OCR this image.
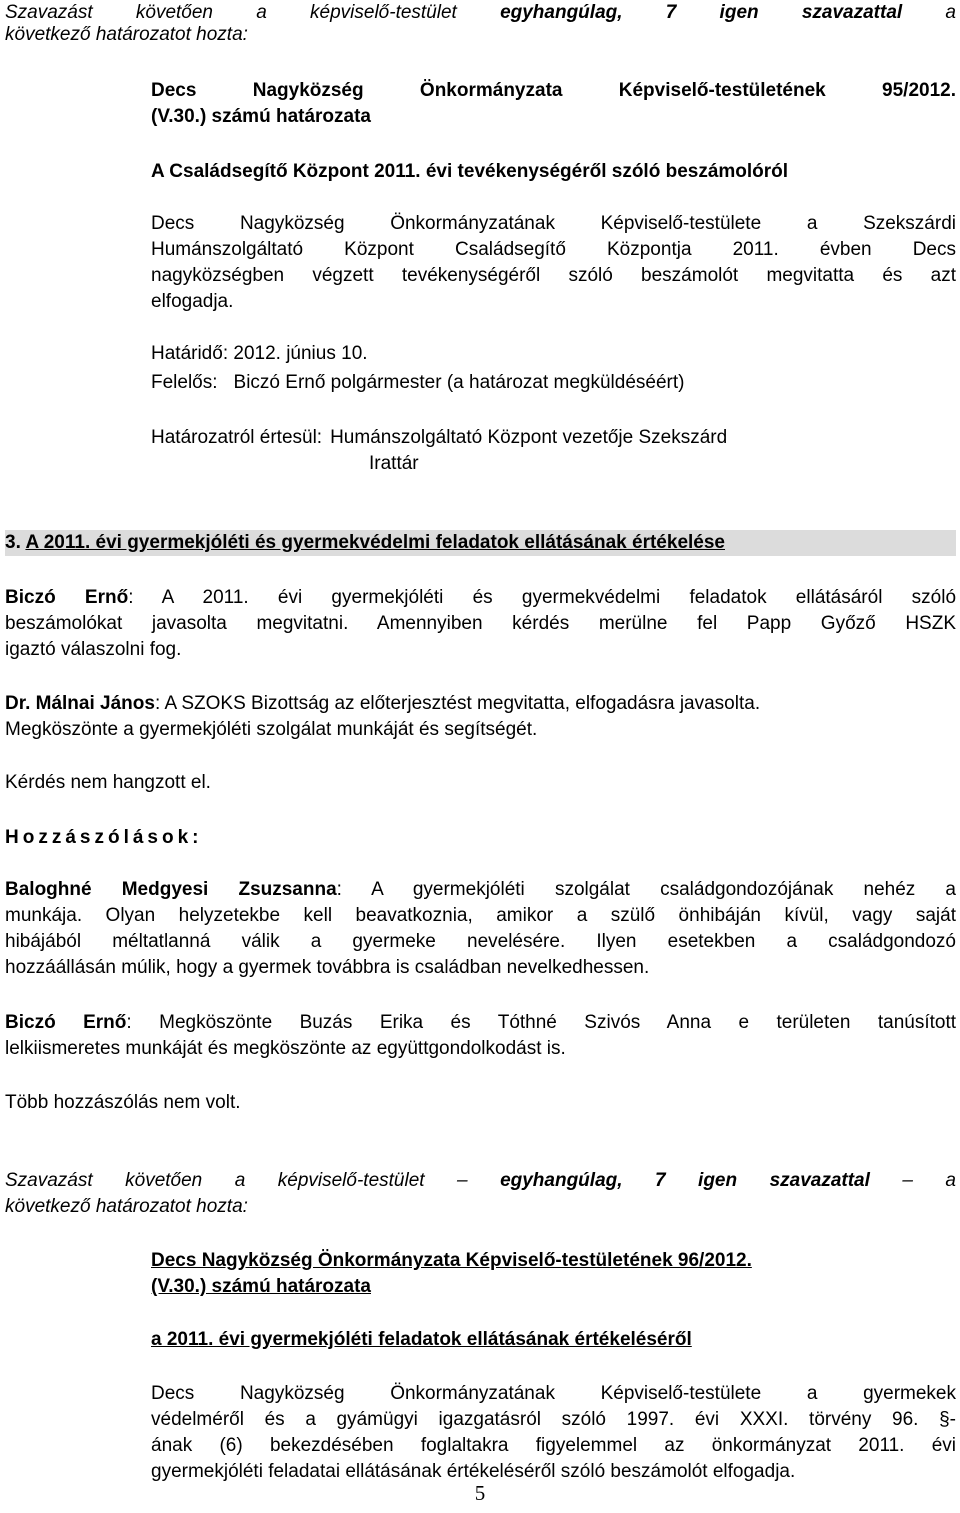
Szavazást követően a képviselő-testület egyhangúlag, 7 igen szavazattal a
következő határozatot hozta:
Decs Nagyközség Önkormányzata Képviselő-testületének 95/2012.
(V.30.) számú határozata
A Családsegítő Központ 2011. évi tevékenységéről szóló beszámolóról
Decs Nagyközség Önkormányzatának Képviselő-testülete a Szekszárdi
Humánszolgáltató Központ Családsegítő Központja 2011. évben Decs
nagyközségben végzett tevékenységéről szóló beszámolót megvitatta és azt
elfogadja.
Határidő: 2012. június 10.
Felelős: Biczó Ernő polgármester (a határozat megküldéséért)
Határozatról értesül: Humánszolgáltató Központ vezetője Szekszárd
Irattár
3. A 2011. évi gyermekjóléti és gyermekvédelmi feladatok ellátásának értékelése
Biczó Ernő: A 2011. évi gyermekjóléti és gyermekvédelmi feladatok ellátásáról szóló
beszámolókat javasolta megvitatni. Amennyiben kérdés merülne fel Papp Győző HSZK
igaztó válaszolni fog.
Dr. Málnai János: A SZOKS Bizottság az előterjesztést megvitatta, elfogadásra javasolta.
Megköszönte a gyermekjóléti szolgálat munkáját és segítségét.
Kérdés nem hangzott el.
Hozzászólások:
Baloghné Medgyesi Zsuzsanna: A gyermekjóléti szolgálat családgondozójának nehéz a
munkája. Olyan helyzetekbe kell beavatkoznia, amikor a szülő önhibáján kívül, vagy saját
hibájából méltatlanná válik a gyermeke nevelésére. Ilyen esetekben a családgondozó
hozzáállásán múlik, hogy a gyermek továbbra is családban nevelkedhessen.
Biczó Ernő: Megköszönte Buzás Erika és Tóthné Szivós Anna e területen tanúsított
lelkiismeretes munkáját és megköszönte az együttgondolkodást is.
Több hozzászólás nem volt.
Szavazást követően a képviselő-testület – egyhangúlag, 7 igen szavazattal – a
következő határozatot hozta:
Decs Nagyközség Önkormányzata Képviselő-testületének 96/2012.
(V.30.) számú határozata
a 2011. évi gyermekjóléti feladatok ellátásának értékeléséről
Decs Nagyközség Önkormányzatának Képviselő-testülete a gyermekek
védelméről és a gyámügyi igazgatásról szóló 1997. évi XXXI. törvény 96. §-
ának (6) bekezdésében foglaltakra figyelemmel az önkormányzat 2011. évi
gyermekjóléti feladatai ellátásának értékeléséről szóló beszámolót elfogadja.
5
